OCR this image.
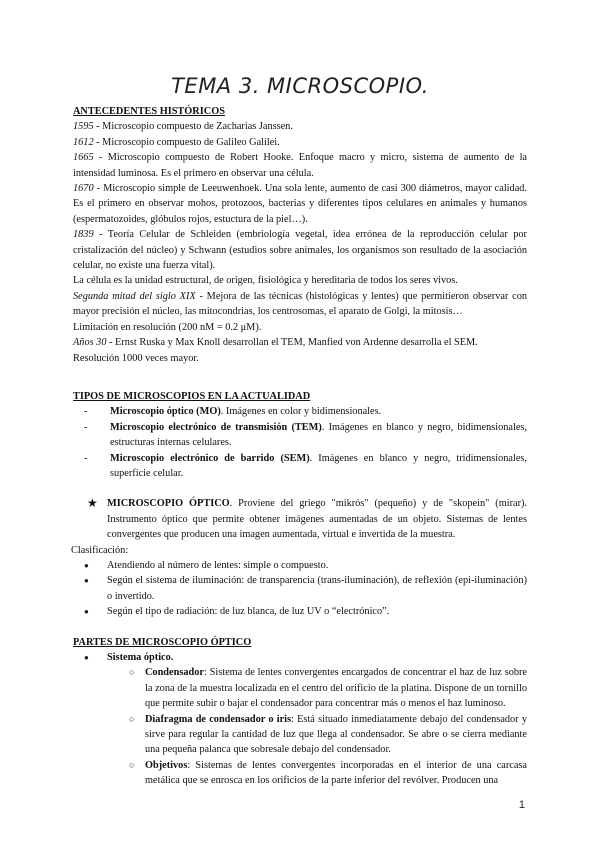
TEMA 3. MICROSCOPIO.

ANTECEDENTES HISTÓRICOS

1595 - Microscopio compuesto de Zacharias Janssen.

1612 - Microscopio compuesto de Galileo Galilei.

1665 - Microscopio compuesto de Robert Hooke. Enfoque macro y micro, sistema de aumento de la intensidad luminosa. Es el primero en observar una célula.

1670 - Microscopio simple de Leeuwenhoek. Una sola lente, aumento de casi 300 diámetros, mayor calidad. Es el primero en observar mohos, protozoos, bacterias y diferentes tipos celulares en animales y humanos (espermatozoides, glóbulos rojos, estuctura de la piel…).

1839 - Teoría Celular de Schleiden (embriología vegetal, idea errónea de la reproducción celular por cristalización del núcleo) y Schwann (estudios sobre animales, los organismos son resultado de la asociación celular, no existe una fuerza vital).

La célula es la unidad estructural, de origen, fisiológica y hereditaria de todos los seres vivos.

Segunda mitad del siglo XIX - Mejora de las técnicas (histológicas y lentes) que permitieron observar con mayor precisión el núcleo, las mitocondrias, los centrosomas, el aparato de Golgi, la mitosis…

Limitación en resolución (200 nM = 0.2 μM).

Años 30 - Ernst Ruska y Max Knoll desarrollan el TEM, Manfied von Ardenne desarrolla el SEM.

Resolución 1000 veces mayor.

TIPOS DE MICROSCOPIOS EN LA ACTUALIDAD

- Microscopio óptico (MO). Imágenes en color y bidimensionales.
- Microscopio electrónico de transmisión (TEM). Imágenes en blanco y negro, bidimensionales, estructuras internas celulares.
- Microscopio electrónico de barrido (SEM). Imágenes en blanco y negro, tridimensionales, superficie celular.
★ MICROSCOPIO ÓPTICO. Proviene del griego "mikrós" (pequeño) y de "skopein" (mirar). Instrumento óptico que permite obtener imágenes aumentadas de un objeto. Sistemas de lentes convergentes que producen una imagen aumentada, virtual e invertida de la muestra.

Clasificación:

● Atendiendo al número de lentes: simple o compuesto.
● Según el sistema de iluminación: de transparencia (trans-iluminación), de reflexión (epi-iluminación) o invertido.
● Según el tipo de radiación: de luz blanca, de luz UV o “electrónico”.

PARTES DE MICROSCOPIO ÓPTICO

● Sistema óptico.
○ Condensador: Sistema de lentes convergentes encargados de concentrar el haz de luz sobre la zona de la muestra localizada en el centro del orificio de la platina. Dispone de un tornillo que permite subir o bajar el condensador para concentrar más o menos el haz luminoso.
○ Diafragma de condensador o iris: Está situado inmediatamente debajo del condensador y sirve para regular la cantidad de luz que llega al condensador. Se abre o se cierra mediante una pequeña palanca que sobresale debajo del condensador.
○ Objetivos: Sistemas de lentes convergentes incorporadas en el interior de una carcasa metálica que se enrosca en los orificios de la parte inferior del revólver. Producen una
1
